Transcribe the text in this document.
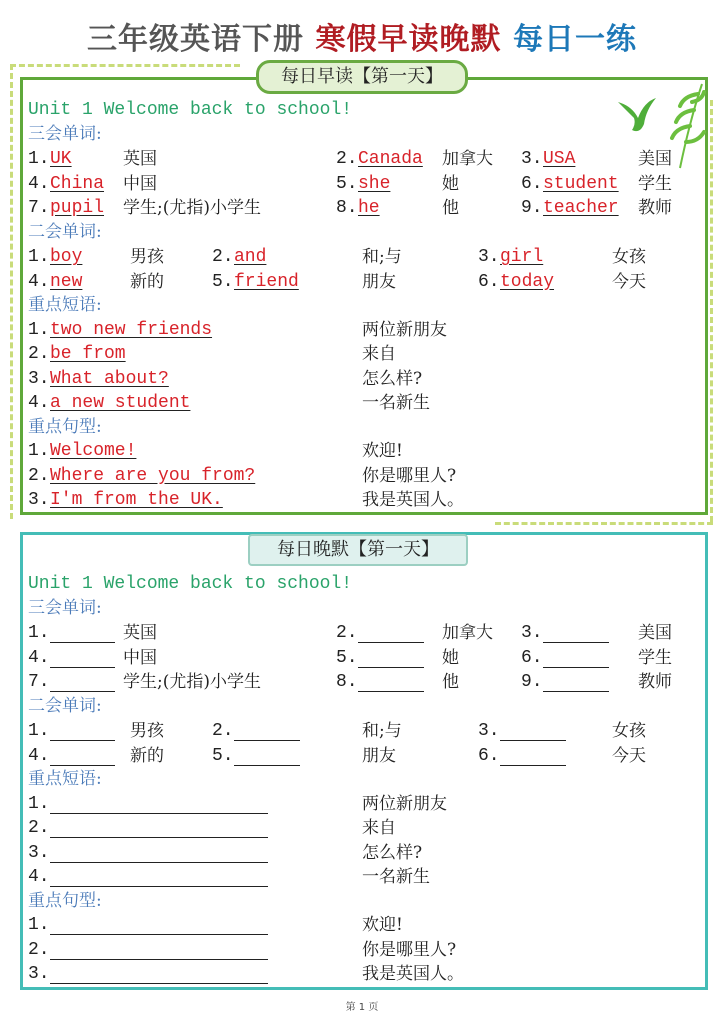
三年级英语下册 寒假早读晚默 每日一练
每日早读【第一天】
每日晚默【第一天】
Unit 1 Welcome back to school!
三会单词:
1. UK	英国	2. Canada 加拿大 3. USA	美国
4. China 中国	5. she	她	6. student 学生
7. pupil 学生;(尤指)小学生	8. he	他	9. teacher 教师
二会单词:
1. boy	男孩	2. and	和;与	3. girl	女孩
4. new	新的	5. friend	朋友	6. today	今天
重点短语:
1. two new friends	两位新朋友
2. be from	来自
3. What about?	怎么样?
4. a new student	一名新生
重点句型:
1. Welcome!	欢迎!
2. Where are you from?	你是哪里人?
3. I'm from the UK.	我是英国人。
Unit 1 Welcome back to school!
三会单词:
1.	英国	2.	加拿大 3.	美国
4.	中国	5.	她	6.	学生
7.	学生;(尤指)小学生	8.	他	9.	教师
二会单词:
1.	男孩	2.	和;与	3.	女孩
4.	新的	5.	朋友	6.	今天
重点短语:
1.	两位新朋友
2.	来自
3.	怎么样?
4.	一名新生
重点句型:
1.	欢迎!
2.	你是哪里人?
3.	我是英国人。
第 1 页
